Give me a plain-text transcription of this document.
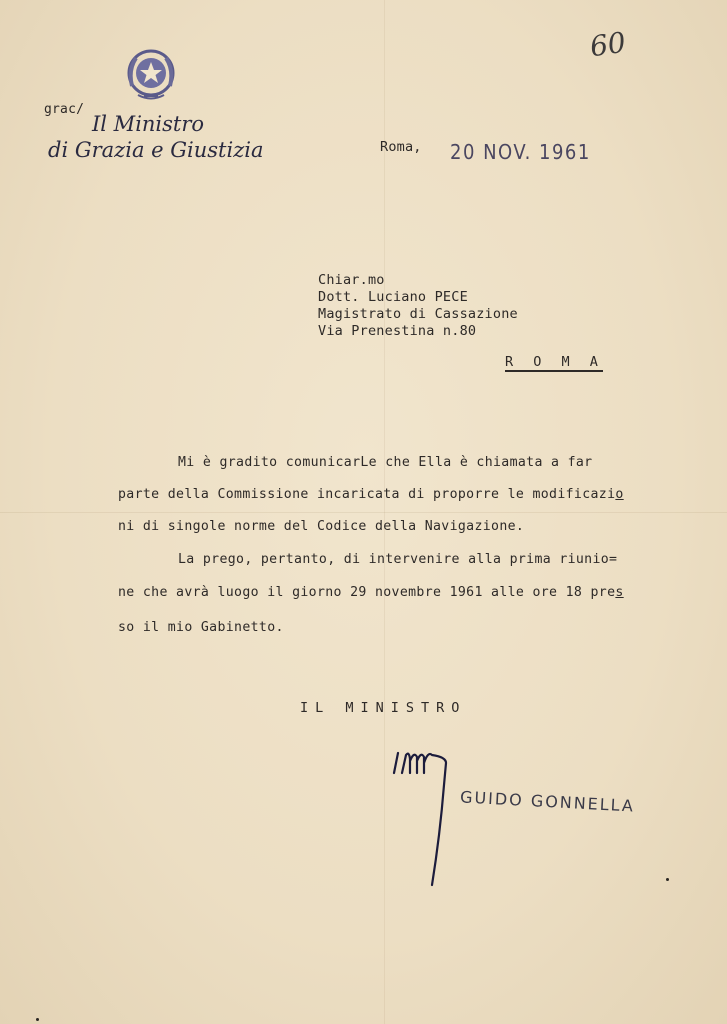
60
grac/
Il Ministro
di Grazia e Giustizia	Roma, 20 NOV. 1961
Chiar.mo
Dott. Luciano PECE
Magistrato di Cassazione
Via Prenestina n.80
R O M A
Mi è gradito comunicarLe che Ella è chiamata a far
parte della Commissione incaricata di proporre le modificazio
ni di singole norme del Codice della Navigazione.
La prego, pertanto, di intervenire alla prima riunio=
ne che avrà luogo il giorno 29 novembre 1961 alle ore 18 pres
so il mio Gabinetto.
IL MINISTRO
GUIDO GONNELLA
